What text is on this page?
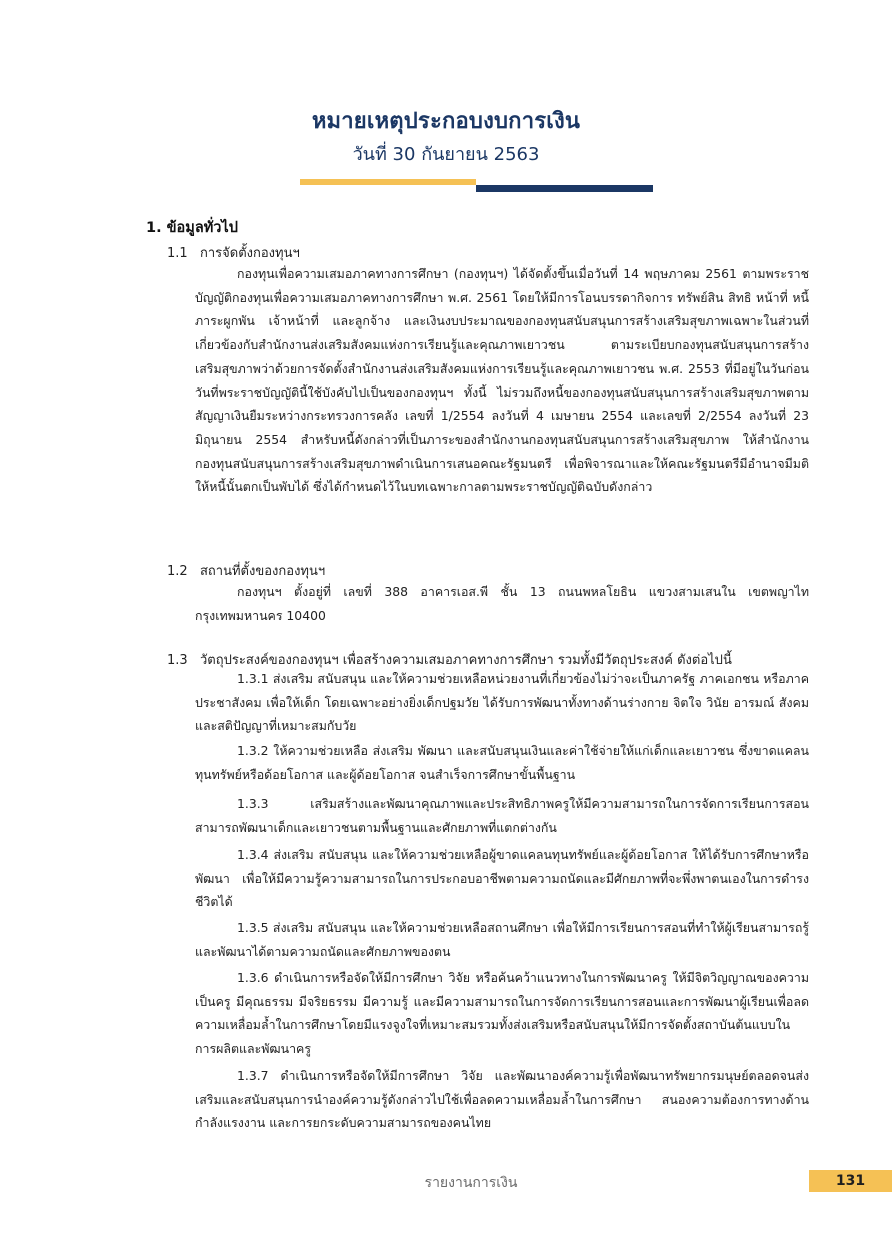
หมายเหตุประกอบงบการเงิน
วันที่ 30 กันยายน 2563
1. ข้อมูลทั่วไป
1.1 การจัดตั้งกองทุนฯ
กองทุนเพื่อความเสมอภาคทางการศึกษา (กองทุนฯ) ได้จัดตั้งขึ้นเมื่อวันที่ 14 พฤษภาคม 2561 ตามพระราชบัญญัติกองทุนเพื่อความเสมอภาคทางการศึกษา พ.ศ. 2561 โดยให้มีการโอนบรรดากิจการ ทรัพย์สิน สิทธิ หน้าที่ หนี้ ภาระผูกพัน เจ้าหน้าที่ และลูกจ้าง และเงินงบประมาณของกองทุนสนับสนุนการสร้างเสริมสุขภาพเฉพาะในส่วนที่เกี่ยวข้องกับสำนักงานส่งเสริมสังคมแห่งการเรียนรู้และคุณภาพเยาวชน ตามระเบียบกองทุนสนับสนุนการสร้างเสริมสุขภาพว่าด้วยการจัดตั้งสำนักงานส่งเสริมสังคมแห่งการเรียนรู้และคุณภาพเยาวชน พ.ศ. 2553 ที่มีอยู่ในวันก่อนวันที่พระราชบัญญัตินี้ใช้บังคับไปเป็นของกองทุนฯ ทั้งนี้ ไม่รวมถึงหนี้ของกองทุนสนับสนุนการสร้างเสริมสุขภาพตามสัญญาเงินยืมระหว่างกระทรวงการคลัง เลขที่ 1/2554 ลงวันที่ 4 เมษายน 2554 และเลขที่ 2/2554 ลงวันที่ 23 มิถุนายน 2554 สำหรับหนี้ดังกล่าวที่เป็นภาระของสำนักงานกองทุนสนับสนุนการสร้างเสริมสุขภาพ ให้สำนักงานกองทุนสนับสนุนการสร้างเสริมสุขภาพดำเนินการเสนอคณะรัฐมนตรี เพื่อพิจารณาและให้คณะรัฐมนตรีมีอำนาจมีมติให้หนี้นั้นตกเป็นพับได้ ซึ่งได้กำหนดไว้ในบทเฉพาะกาลตามพระราชบัญญัติฉบับดังกล่าว
1.2 สถานที่ตั้งของกองทุนฯ
กองทุนฯ ตั้งอยู่ที่ เลขที่ 388 อาคารเอส.พี ชั้น 13 ถนนพหลโยธิน แขวงสามเสนใน เขตพญาไท กรุงเทพมหานคร 10400
1.3 วัตถุประสงค์ของกองทุนฯ เพื่อสร้างความเสมอภาคทางการศึกษา รวมทั้งมีวัตถุประสงค์ ดังต่อไปนี้
1.3.1 ส่งเสริม สนับสนุน และให้ความช่วยเหลือหน่วยงานที่เกี่ยวข้องไม่ว่าจะเป็นภาครัฐ ภาคเอกชน หรือภาคประชาสังคม เพื่อให้เด็ก โดยเฉพาะอย่างยิ่งเด็กปฐมวัย ได้รับการพัฒนาทั้งทางด้านร่างกาย จิตใจ วินัย อารมณ์ สังคม และสติปัญญาที่เหมาะสมกับวัย
1.3.2 ให้ความช่วยเหลือ ส่งเสริม พัฒนา และสนับสนุนเงินและค่าใช้จ่ายให้แก่เด็กและเยาวชน ซึ่งขาดแคลนทุนทรัพย์หรือด้อยโอกาส และผู้ด้อยโอกาส จนสำเร็จการศึกษาขั้นพื้นฐาน
1.3.3 เสริมสร้างและพัฒนาคุณภาพและประสิทธิภาพครูให้มีความสามารถในการจัดการเรียนการสอน สามารถพัฒนาเด็กและเยาวชนตามพื้นฐานและศักยภาพที่แตกต่างกัน
1.3.4 ส่งเสริม สนับสนุน และให้ความช่วยเหลือผู้ขาดแคลนทุนทรัพย์และผู้ด้อยโอกาส ให้ได้รับการศึกษาหรือพัฒนา เพื่อให้มีความรู้ความสามารถในการประกอบอาชีพตามความถนัดและมีศักยภาพที่จะพึ่งพาตนเองในการดำรงชีวิตได้
1.3.5 ส่งเสริม สนับสนุน และให้ความช่วยเหลือสถานศึกษา เพื่อให้มีการเรียนการสอนที่ทำให้ผู้เรียนสามารถรู้และพัฒนาได้ตามความถนัดและศักยภาพของตน
1.3.6 ดำเนินการหรือจัดให้มีการศึกษา วิจัย หรือค้นคว้าแนวทางในการพัฒนาครู ให้มีจิตวิญญาณของความเป็นครู มีคุณธรรม มีจริยธรรม มีความรู้ และมีความสามารถในการจัดการเรียนการสอนและการพัฒนาผู้เรียนเพื่อลดความเหลื่อมล้ำในการศึกษาโดยมีแรงจูงใจที่เหมาะสมรวมทั้งส่งเสริมหรือสนับสนุนให้มีการจัดตั้งสถาบันต้นแบบในการผลิตและพัฒนาครู
1.3.7 ดำเนินการหรือจัดให้มีการศึกษา วิจัย และพัฒนาองค์ความรู้เพื่อพัฒนาทรัพยากรมนุษย์ตลอดจนส่งเสริมและสนับสนุนการนำองค์ความรู้ดังกล่าวไปใช้เพื่อลดความเหลื่อมล้ำในการศึกษา สนองความต้องการทางด้านกำลังแรงงาน และการยกระดับความสามารถของคนไทย
รายงานการเงิน	131
